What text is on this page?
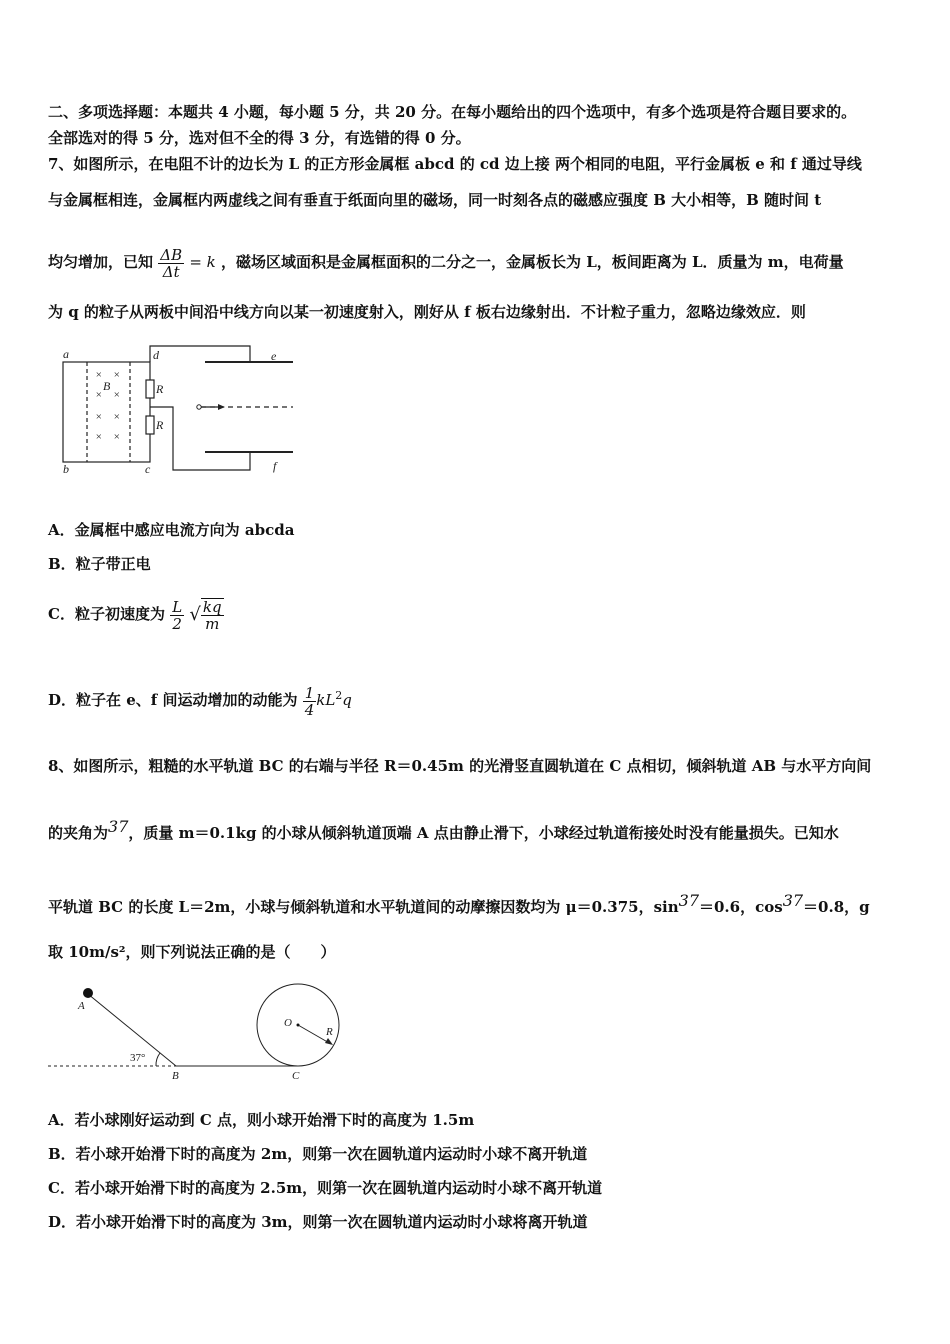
二、多项选择题：本题共 4 小题，每小题 5 分，共 20 分。在每小题给出的四个选项中，有多个选项是符合题目要求的。
全部选对的得 5 分，选对但不全的得 3 分，有选错的得 0 分。
7、如图所示，在电阻不计的边长为 L 的正方形金属框 abcd 的 cd 边上接 两个相同的电阻，平行金属板 e 和 f 通过导线
与金属框相连，金属框内两虚线之间有垂直于纸面向里的磁场，同一时刻各点的磁感应强度 B 大小相等，B 随时间 t
均匀增加，已知 $\frac{\Delta B}{\Delta t} = k$ ，磁场区域面积是金属框面积的二分之一，金属板长为 L，板间距离为 L．质量为 m，电荷量
为 q 的粒子从两板中间沿中线方向以某一初速度射入，刚好从 f 板右边缘射出．不计粒子重力，忽略边缘效应．则
× ×
× ×
× ×
× ×
a
b	c
d	e
f
B	R
R
A．金属框中感应电流方向为 abcda
B．粒子带正电
C．粒子初速度为 $\frac{L}{2}$ √ $\frac{kq}{m}$
D．粒子在 e、f 间运动增加的动能为 $\frac{1}{4} kL^2q$
8、如图所示，粗糙的水平轨道 BC 的右端与半径 R＝0.45m 的光滑竖直圆轨道在 C 点相切，倾斜轨道 AB 与水平方向间
的夹角为37，质量 m＝0.1kg 的小球从倾斜轨道顶端 A 点由静止滑下，小球经过轨道衔接处时没有能量损失。已知水
平轨道 BC 的长度 L＝2m，小球与倾斜轨道和水平轨道间的动摩擦因数均为 μ＝0.375，sin37＝0.6，cos37＝0.8，g
取 10m/s²，则下列说法正确的是（　　）
A
B	C
O
R
37°
A．若小球刚好运动到 C 点，则小球开始滑下时的高度为 1.5m
B．若小球开始滑下时的高度为 2m，则第一次在圆轨道内运动时小球不离开轨道
C．若小球开始滑下时的高度为 2.5m，则第一次在圆轨道内运动时小球不离开轨道
D．若小球开始滑下时的高度为 3m，则第一次在圆轨道内运动时小球将离开轨道
